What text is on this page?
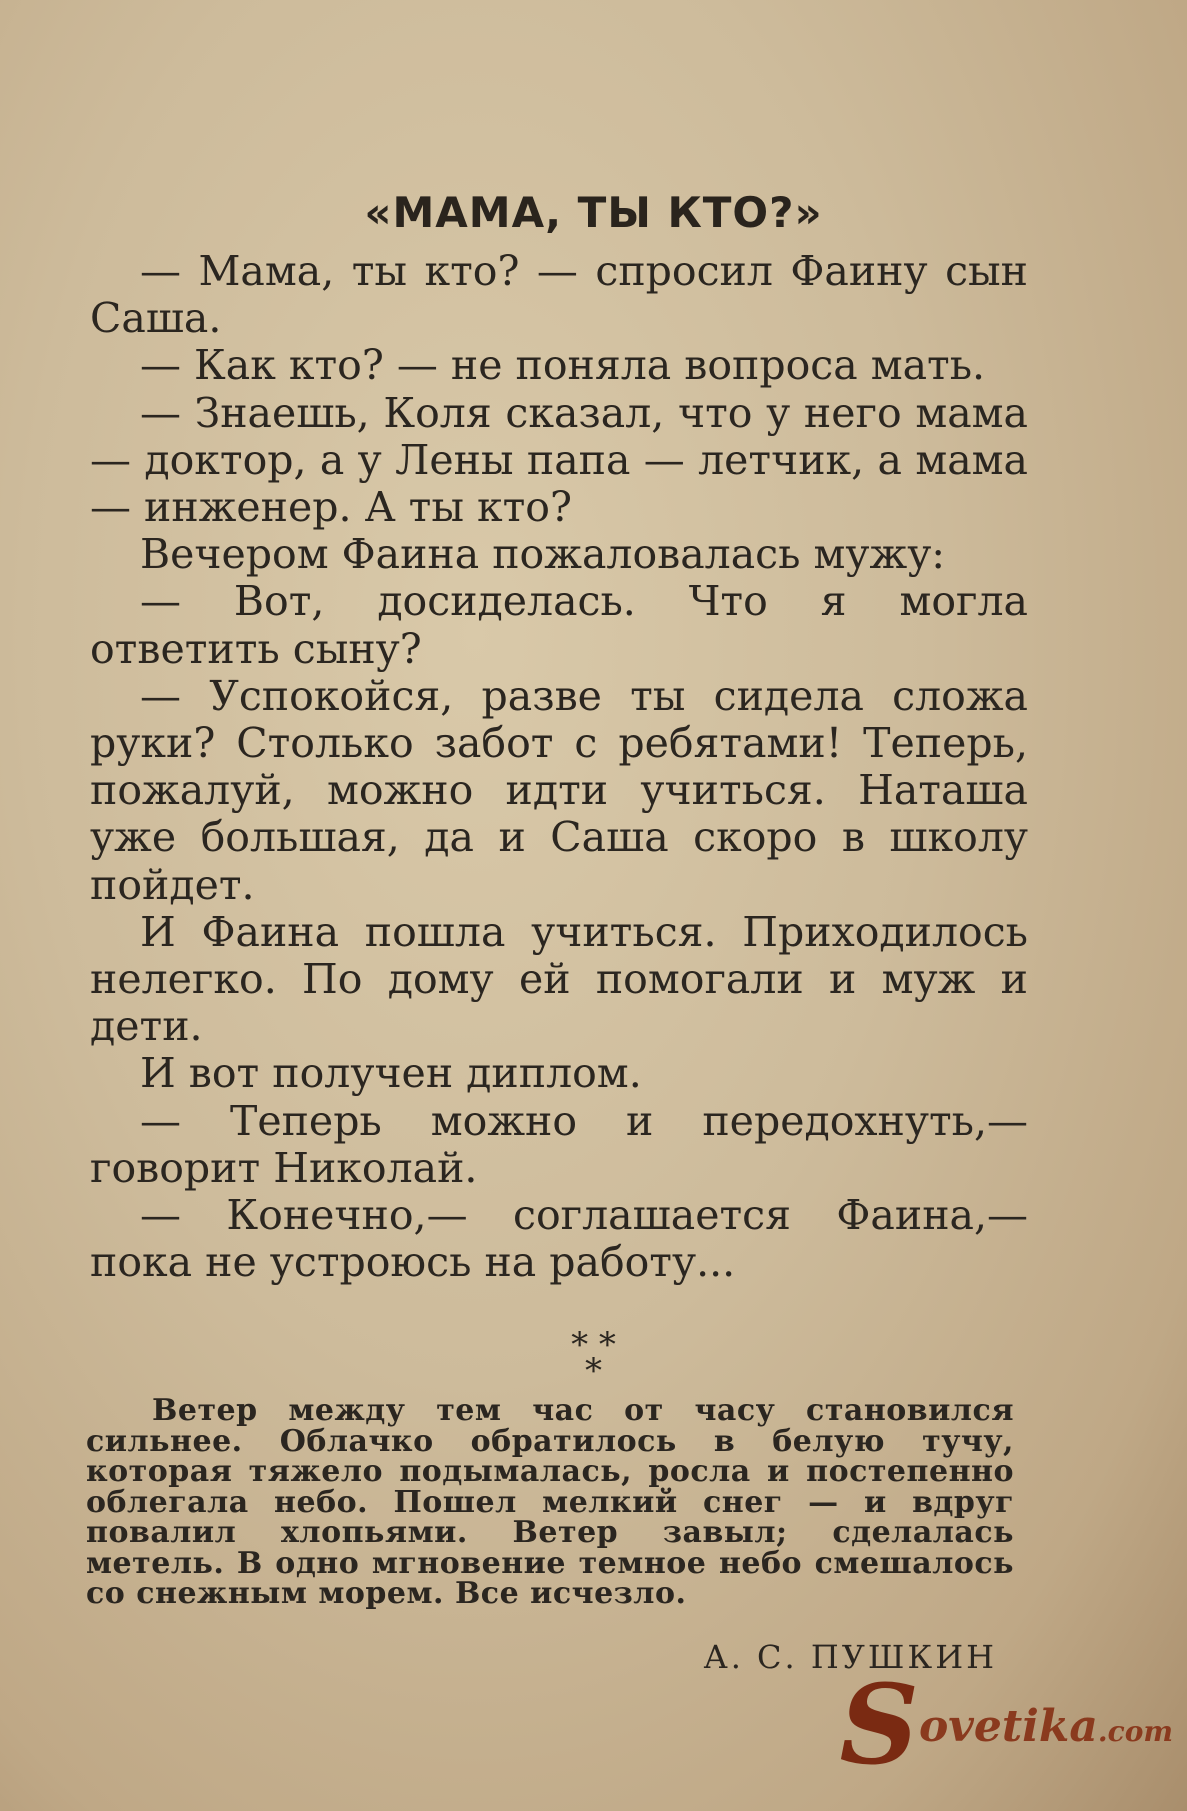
«МАМА, ТЫ КТО?»

— Мама, ты кто? — спросил Фаину сын Саша.

— Как кто? — не поняла вопроса мать.

— Знаешь, Коля сказал, что у него мама — доктор, а у Лены папа — летчик, а мама — инженер. А ты кто?

Вечером Фаина пожаловалась мужу:

— Вот, досиделась. Что я могла ответить сыну?

— Успокойся, разве ты сидела сложа руки? Столько забот с ребятами! Теперь, пожалуй, можно идти учиться. Наташа уже большая, да и Саша скоро в школу пойдет.

И Фаина пошла учиться. Приходилось нелегко. По дому ей помогали и муж и дети.

И вот получен диплом.

— Теперь можно и передохнуть,— говорит Николай.

— Конечно,— соглашается Фаина,— пока не устроюсь на работу...

* *
*

Ветер между тем час от часу становился сильнее. Облачко обратилось в белую тучу, которая тяжело подымалась, росла и постепенно облегала небо. Пошел мелкий снег — и вдруг повалил хлопьями. Ветер завыл; сделалась метель. В одно мгновение темное небо смешалось со снежным морем. Все исчезло.

А. С. ПУШКИН
Sovetika.com
